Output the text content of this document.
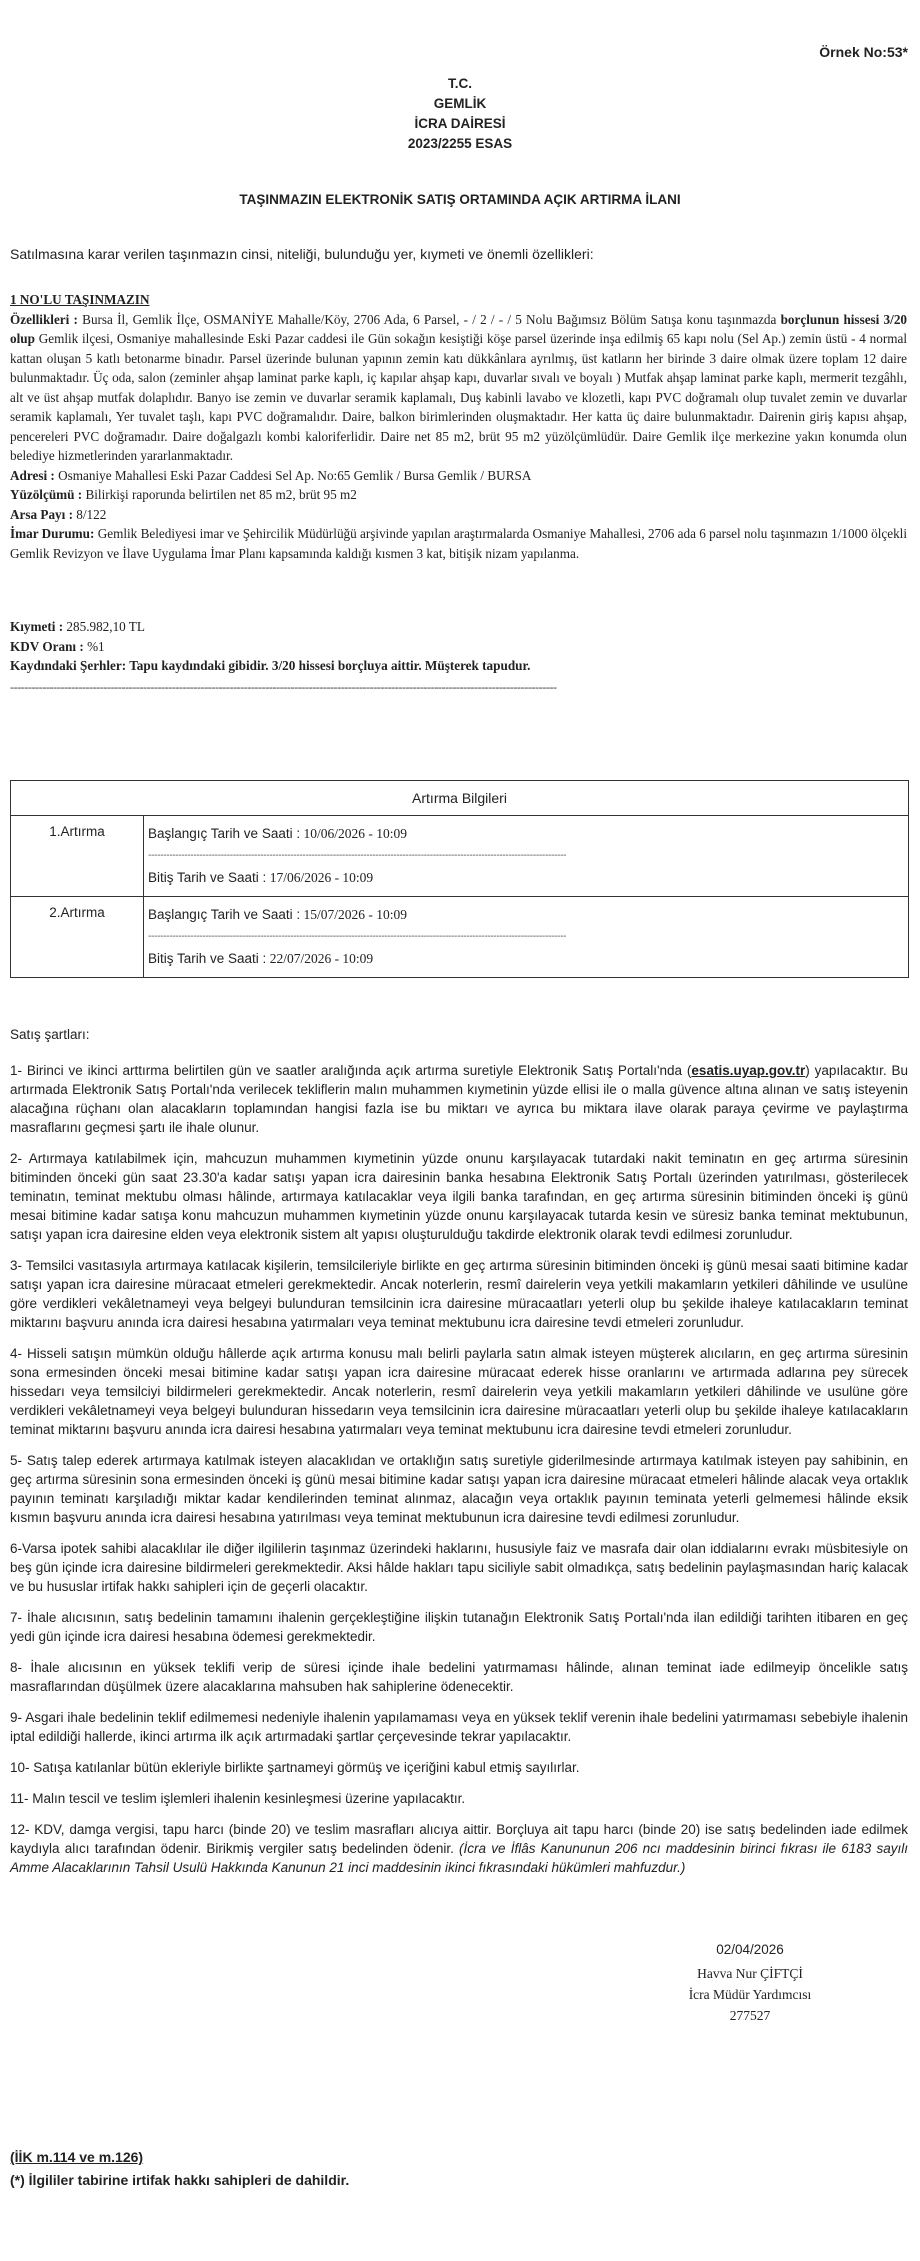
Örnek No:53*
T.C.
GEMLİK
İCRA DAİRESİ
2023/2255 ESAS
TAŞINMAZIN ELEKTRONİK SATIŞ ORTAMINDA AÇIK ARTIRMA İLANI
Satılmasına karar verilen taşınmazın cinsi, niteliği, bulunduğu yer, kıymeti ve önemli özellikleri:

1 NO'LU TAŞINMAZIN

Özellikleri : Bursa İl, Gemlik İlçe, OSMANİYE Mahalle/Köy, 2706 Ada, 6 Parsel, - / 2 / - / 5 Nolu Bağımsız Bölüm Satışa konu taşınmazda borçlunun hissesi 3/20 olup Gemlik ilçesi, Osmaniye mahallesinde Eski Pazar caddesi ile Gün sokağın kesiştiği köşe parsel üzerinde inşa edilmiş 65 kapı nolu (Sel Ap.) zemin üstü - 4 normal kattan oluşan 5 katlı betonarme binadır. Parsel üzerinde bulunan yapının zemin katı dükkânlara ayrılmış, üst katların her birinde 3 daire olmak üzere toplam 12 daire bulunmaktadır. Üç oda, salon (zeminler ahşap laminat parke kaplı, iç kapılar ahşap kapı, duvarlar sıvalı ve boyalı ) Mutfak ahşap laminat parke kaplı, mermerit tezgâhlı, alt ve üst ahşap mutfak dolaplıdır. Banyo ise zemin ve duvarlar seramik kaplamalı, Duş kabinli lavabo ve klozetli, kapı PVC doğramalı olup tuvalet zemin ve duvarlar seramik kaplamalı, Yer tuvalet taşlı, kapı PVC doğramalıdır. Daire, balkon birimlerinden oluşmaktadır. Her katta üç daire bulunmaktadır. Dairenin giriş kapısı ahşap, pencereleri PVC doğramadır. Daire doğalgazlı kombi kaloriferlidir. Daire net 85 m2, brüt 95 m2 yüzölçümlüdür. Daire Gemlik ilçe merkezine yakın konumda olun belediye hizmetlerinden yararlanmaktadır.

Adresi : Osmaniye Mahallesi Eski Pazar Caddesi Sel Ap. No:65 Gemlik / Bursa Gemlik / BURSA

Yüzölçümü : Bilirkişi raporunda belirtilen net 85 m2, brüt 95 m2

Arsa Payı : 8/122

İmar Durumu: Gemlik Belediyesi imar ve Şehircilik Müdürlüğü arşivinde yapılan araştırmalarda Osmaniye Mahallesi, 2706 ada 6 parsel nolu taşınmazın 1/1000 ölçekli Gemlik Revizyon ve İlave Uygulama İmar Planı kapsamında kaldığı kısmen 3 kat, bitişik nizam yapılanma.

Kıymeti : 285.982,10 TL

KDV Oranı : %1

Kaydındaki Şerhler: Tapu kaydındaki gibidir. 3/20 hissesi borçluya aittir. Müşterek tapudur.

--------------------------------------------------------------------------------------------------------------------------------------------------------
Artırma Bilgileri	
1.Artırma	Başlangıç Tarih ve Saati : 10/06/2026 - 10:09
------------------------------------------------------------------------------------------------------------------------------------------
Bitiş Tarih ve Saati : 17/06/2026 - 10:09

2.Artırma	Başlangıç Tarih ve Saati : 15/07/2026 - 10:09
------------------------------------------------------------------------------------------------------------------------------------------
Bitiş Tarih ve Saati : 22/07/2026 - 10:09
Satış şartları:

1- Birinci ve ikinci arttırma belirtilen gün ve saatler aralığında açık artırma suretiyle Elektronik Satış Portalı'nda (esatis.uyap.gov.tr) yapılacaktır. Bu artırmada Elektronik Satış Portalı'nda verilecek tekliflerin malın muhammen kıymetinin yüzde ellisi ile o malla güvence altına alınan ve satış isteyenin alacağına rüçhanı olan alacakların toplamından hangisi fazla ise bu miktarı ve ayrıca bu miktara ilave olarak paraya çevirme ve paylaştırma masraflarını geçmesi şartı ile ihale olunur.

2- Artırmaya katılabilmek için, mahcuzun muhammen kıymetinin yüzde onunu karşılayacak tutardaki nakit teminatın en geç artırma süresinin bitiminden önceki gün saat 23.30'a kadar satışı yapan icra dairesinin banka hesabına Elektronik Satış Portalı üzerinden yatırılması, gösterilecek teminatın, teminat mektubu olması hâlinde, artırmaya katılacaklar veya ilgili banka tarafından, en geç artırma süresinin bitiminden önceki iş günü mesai bitimine kadar satışa konu mahcuzun muhammen kıymetinin yüzde onunu karşılayacak tutarda kesin ve süresiz banka teminat mektubunun, satışı yapan icra dairesine elden veya elektronik sistem alt yapısı oluşturulduğu takdirde elektronik olarak tevdi edilmesi zorunludur.

3- Temsilci vasıtasıyla artırmaya katılacak kişilerin, temsilcileriyle birlikte en geç artırma süresinin bitiminden önceki iş günü mesai saati bitimine kadar satışı yapan icra dairesine müracaat etmeleri gerekmektedir. Ancak noterlerin, resmî dairelerin veya yetkili makamların yetkileri dâhilinde ve usulüne göre verdikleri vekâletnameyi veya belgeyi bulunduran temsilcinin icra dairesine müracaatları yeterli olup bu şekilde ihaleye katılacakların teminat miktarını başvuru anında icra dairesi hesabına yatırmaları veya teminat mektubunu icra dairesine tevdi etmeleri zorunludur.

4- Hisseli satışın mümkün olduğu hâllerde açık artırma konusu malı belirli paylarla satın almak isteyen müşterek alıcıların, en geç artırma süresinin sona ermesinden önceki mesai bitimine kadar satışı yapan icra dairesine müracaat ederek hisse oranlarını ve artırmada adlarına pey sürecek hissedarı veya temsilciyi bildirmeleri gerekmektedir. Ancak noterlerin, resmî dairelerin veya yetkili makamların yetkileri dâhilinde ve usulüne göre verdikleri vekâletnameyi veya belgeyi bulunduran hissedarın veya temsilcinin icra dairesine müracaatları yeterli olup bu şekilde ihaleye katılacakların teminat miktarını başvuru anında icra dairesi hesabına yatırmaları veya teminat mektubunu icra dairesine tevdi etmeleri zorunludur.

5- Satış talep ederek artırmaya katılmak isteyen alacaklıdan ve ortaklığın satış suretiyle giderilmesinde artırmaya katılmak isteyen pay sahibinin, en geç artırma süresinin sona ermesinden önceki iş günü mesai bitimine kadar satışı yapan icra dairesine müracaat etmeleri hâlinde alacak veya ortaklık payının teminatı karşıladığı miktar kadar kendilerinden teminat alınmaz, alacağın veya ortaklık payının teminata yeterli gelmemesi hâlinde eksik kısmın başvuru anında icra dairesi hesabına yatırılması veya teminat mektubunun icra dairesine tevdi edilmesi zorunludur.

6-Varsa ipotek sahibi alacaklılar ile diğer ilgililerin taşınmaz üzerindeki haklarını, hususiyle faiz ve masrafa dair olan iddialarını evrakı müsbitesiyle on beş gün içinde icra dairesine bildirmeleri gerekmektedir. Aksi hâlde hakları tapu siciliyle sabit olmadıkça, satış bedelinin paylaşmasından hariç kalacak ve bu hususlar irtifak hakkı sahipleri için de geçerli olacaktır.

7- İhale alıcısının, satış bedelinin tamamını ihalenin gerçekleştiğine ilişkin tutanağın Elektronik Satış Portalı'nda ilan edildiği tarihten itibaren en geç yedi gün içinde icra dairesi hesabına ödemesi gerekmektedir.

8- İhale alıcısının en yüksek teklifi verip de süresi içinde ihale bedelini yatırmaması hâlinde, alınan teminat iade edilmeyip öncelikle satış masraflarından düşülmek üzere alacaklarına mahsuben hak sahiplerine ödenecektir.

9- Asgari ihale bedelinin teklif edilmemesi nedeniyle ihalenin yapılamaması veya en yüksek teklif verenin ihale bedelini yatırmaması sebebiyle ihalenin iptal edildiği hallerde, ikinci artırma ilk açık artırmadaki şartlar çerçevesinde tekrar yapılacaktır.

10- Satışa katılanlar bütün ekleriyle birlikte şartnameyi görmüş ve içeriğini kabul etmiş sayılırlar.

11- Malın tescil ve teslim işlemleri ihalenin kesinleşmesi üzerine yapılacaktır.

12- KDV, damga vergisi, tapu harcı (binde 20) ve teslim masrafları alıcıya aittir. Borçluya ait tapu harcı (binde 20) ise satış bedelinden iade edilmek kaydıyla alıcı tarafından ödenir. Birikmiş vergiler satış bedelinden ödenir. (İcra ve İflâs Kanununun 206 ncı maddesinin birinci fıkrası ile 6183 sayılı Amme Alacaklarının Tahsil Usulü Hakkında Kanunun 21 inci maddesinin ikinci fıkrasındaki hükümleri mahfuzdur.)

02/04/2026
Havva Nur ÇİFTÇİ
İcra Müdür Yardımcısı
277527
(İİK m.114 ve m.126)
(*) İlgililer tabirine irtifak hakkı sahipleri de dahildir.
